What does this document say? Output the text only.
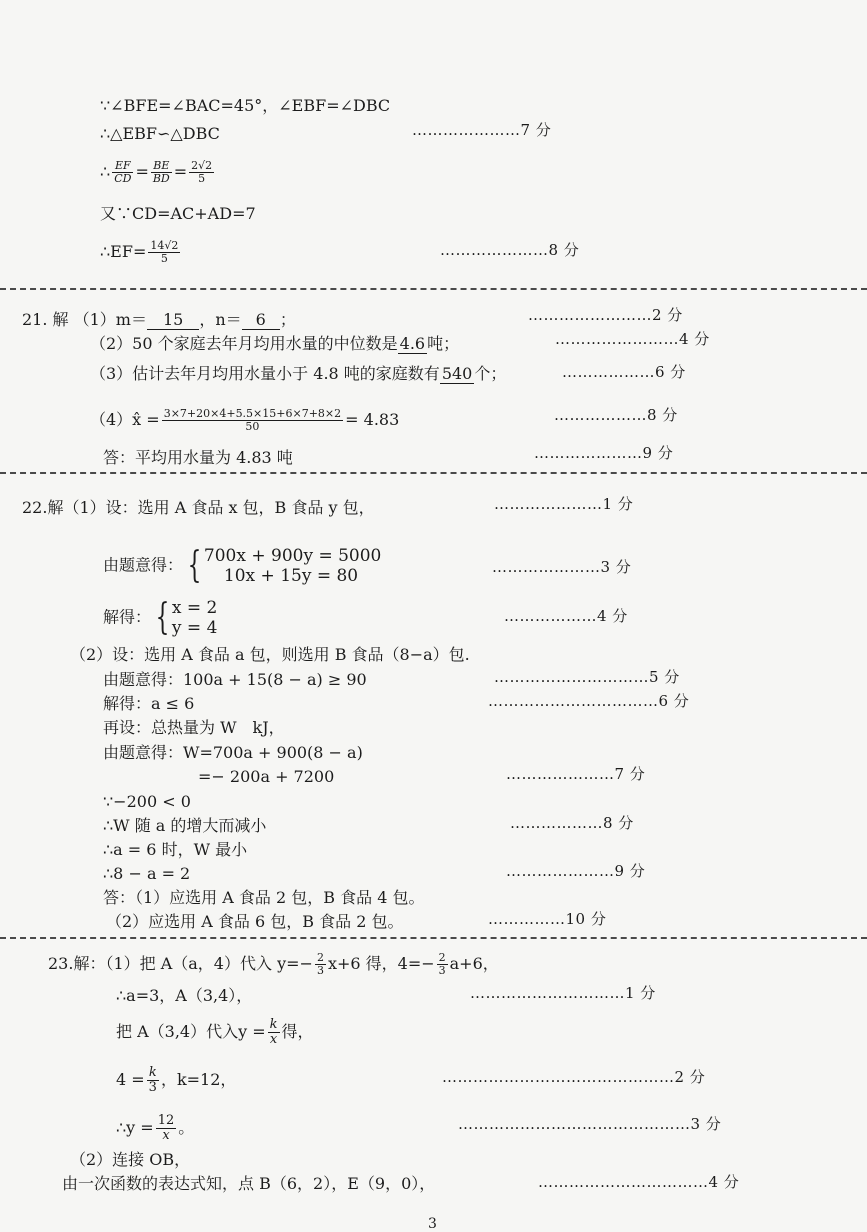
∵∠BFE=∠BAC=45°，∠EBF=∠DBC
∴△EBF∽△DBC	…………………7 分
∴ $\frac{EF}{CD} = \frac{BE}{BD} = \frac{2√2}{5}$
又∵CD=AC+AD=7
∴EF= $\frac{14√2}{5}$	…………………8 分
21. 解 （1）m＝ 15 ，n＝ 6 ；	……………………2 分
（2）50 个家庭去年月均用水量的中位数是 4.6 吨；	……………………4 分
（3）估计去年月均用水量小于 4.8 吨的家庭数有 540 个；	………………6 分
（4）x̂ = $\frac{3\times 7+20\times 4+5.5\times 15+6\times 7+8\times 2}{50} = 4.83$	………………8 分
答：平均用水量为 4.83 吨	…………………9 分
22.解（1）设：选用 A 食品 x 包，B 食品 y 包，	…………………1 分
由题意得： { 700x + 900y = 5000
10x + 15y = 80	…………………3 分
解得： { x = 2
y = 4
………………4 分
（2）设：选用 A 食品 a 包，则选用 B 食品（8−a）包.
由题意得：100a + 15(8 − a) ≥ 90	…………………………5 分
解得：a ≤ 6	……………………………6 分
再设：总热量为 W　kJ，
由题意得：W=700a + 900(8 − a)
=− 200a + 7200	…………………7 分
∵−200 < 0
∴W 随 a 的增大而减小	………………8 分
∴a = 6 时，W 最小
∴8 − a = 2	…………………9 分
答：（1）应选用 A 食品 2 包，B 食品 4 包。
（2）应选用 A 食品 6 包，B 食品 2 包。	……………10 分
23.解：（1）把 A（a，4）代入 $y=- \frac{2}{3} x+6$ 得，$4=- \frac{2}{3} a+6$，
∴a=3，A（3,4），	…………………………1 分
把 A（3,4）代入$y = \frac{k}{x}$ 得，
$4 = \frac{k}{3}$ ，k=12，	………………………………………2 分
∴y = $\frac{12}{x}$ 。	………………………………………3 分
（2）连接 OB，
由一次函数的表达式知，点 B（6，2），E（9，0），	……………………………4 分
3
